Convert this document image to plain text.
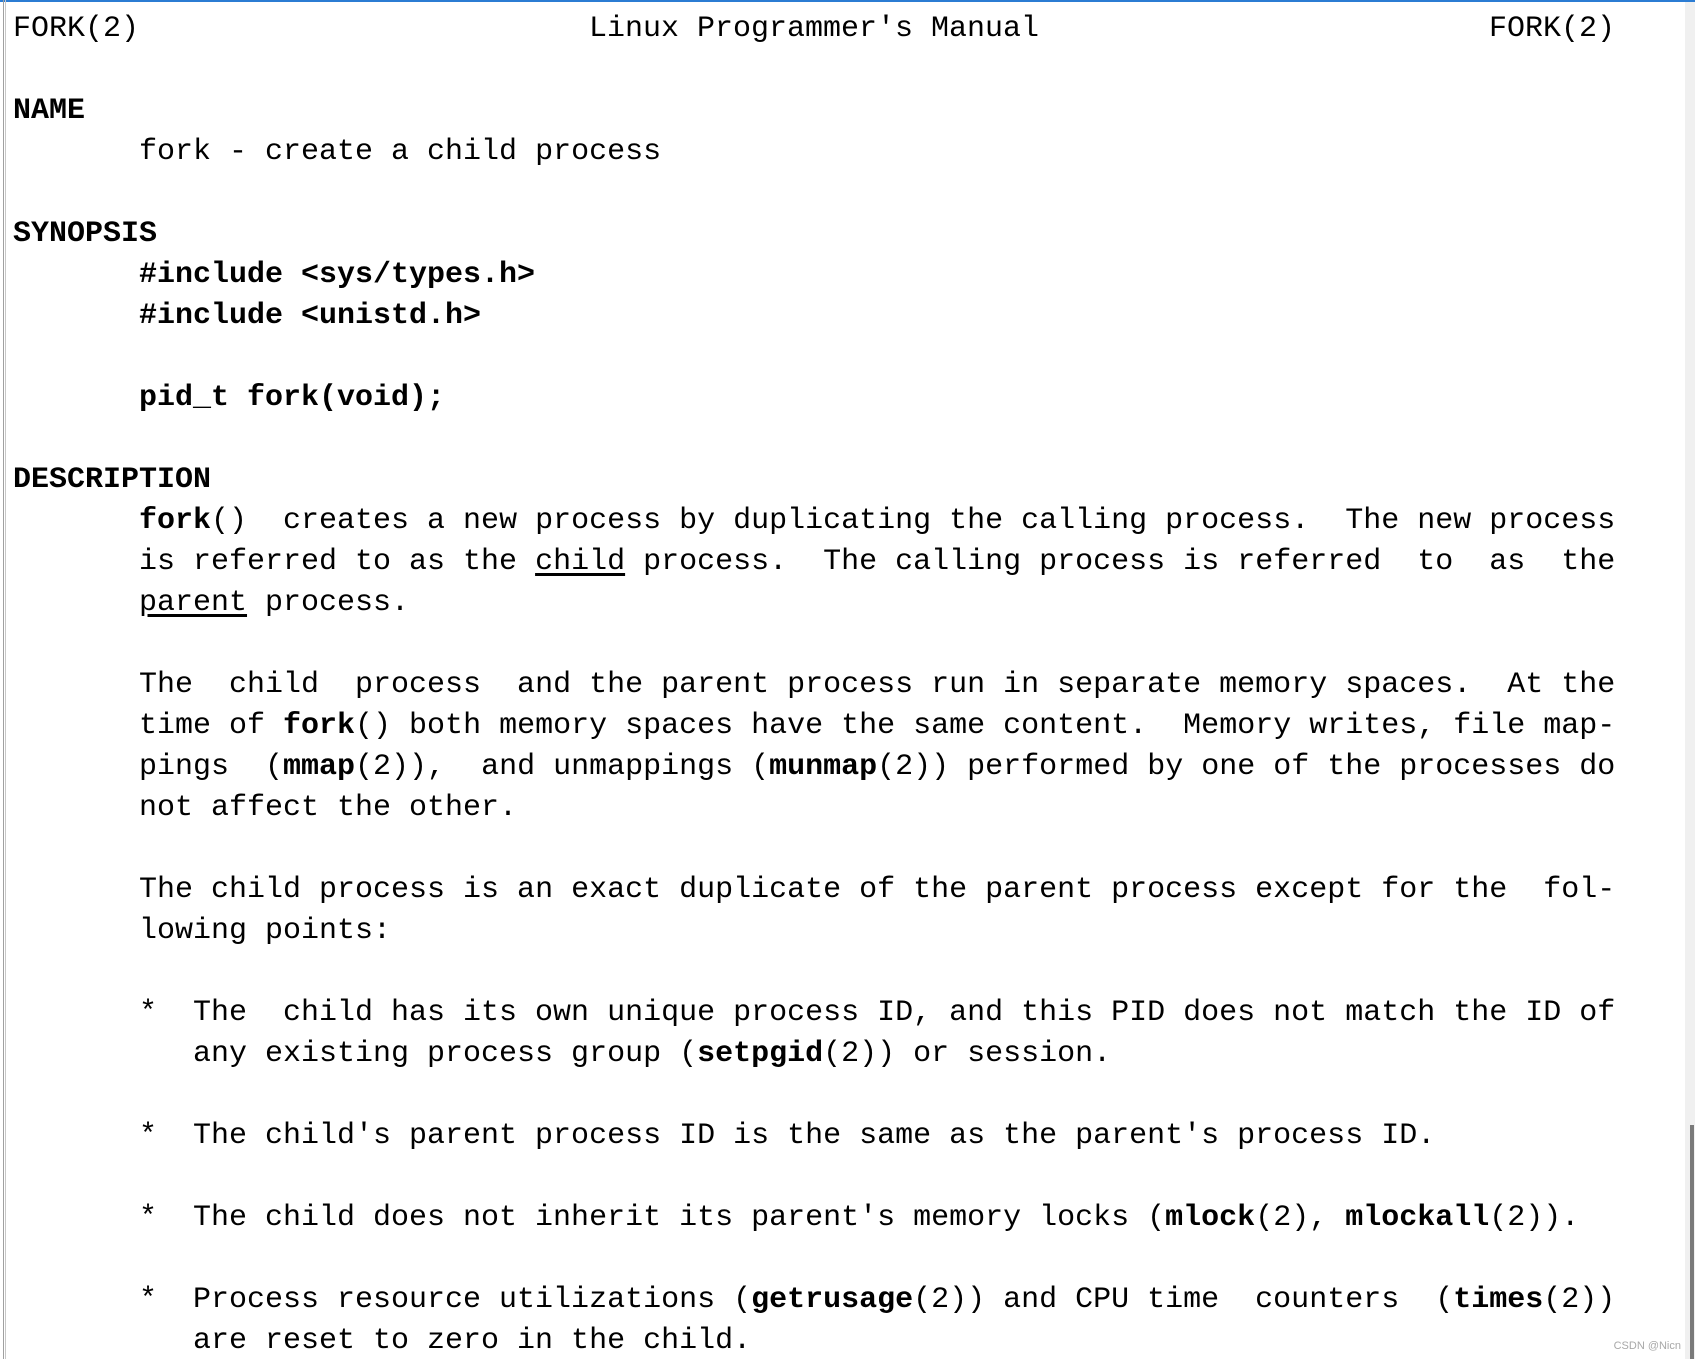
FORK(2)	Linux Programmer's Manual	FORK(2)
NAME
fork - create a child process
SYNOPSIS
#include <sys/types.h>
#include <unistd.h>
pid_t fork(void);
DESCRIPTION
fork()  creates a new process by duplicating the calling process.  The new process
is referred to as the child process.  The calling process is referred  to  as  the
parent process.
The  child  process  and the parent process run in separate memory spaces.  At the
time of fork() both memory spaces have the same content.  Memory writes, file map-
pings  (mmap(2)),  and unmappings (munmap(2)) performed by one of the processes do
not affect the other.
The child process is an exact duplicate of the parent process except for the  fol-
lowing points:
*	The  child has its own unique process ID, and this PID does not match the ID of
any existing process group (setpgid(2)) or session.
*	The child's parent process ID is the same as the parent's process ID.
*	The child does not inherit its parent's memory locks (mlock(2), mlockall(2)).
*	Process resource utilizations (getrusage(2)) and CPU time  counters  (times(2))
are reset to zero in the child.	CSDN @Nicn
